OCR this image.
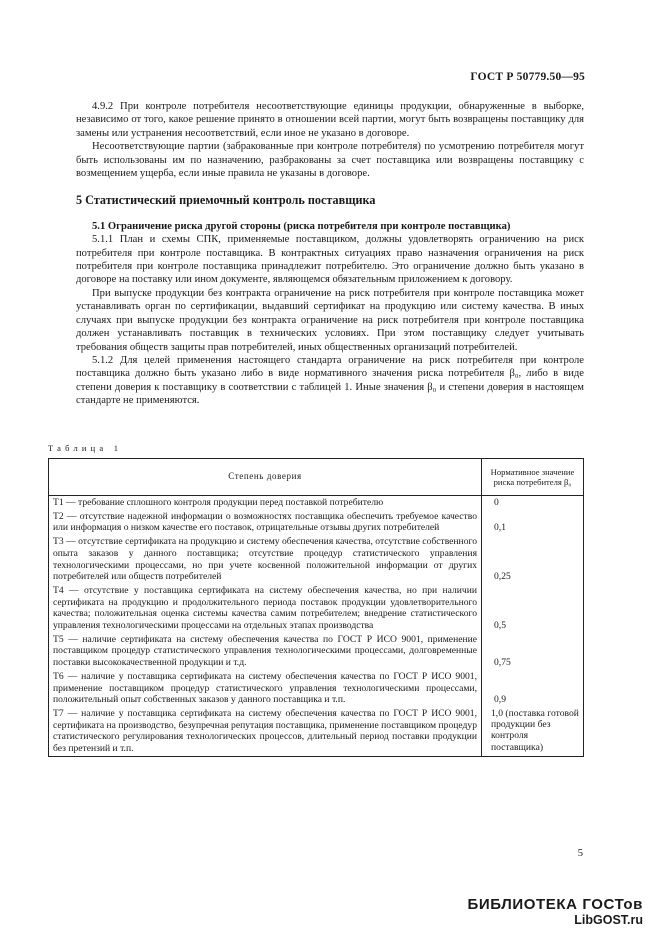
ГОСТ Р 50779.50—95

4.9.2 При контроле потребителя несоответствующие единицы продукции, обнаруженные в выборке, независимо от того, какое решение принято в отношении всей партии, могут быть возвращены поставщику для замены или устранения несоответствий, если иное не указано в договоре.

Несоответствующие партии (забракованные при контроле потребителя) по усмотрению потребителя могут быть использованы им по назначению, разбракованы за счет поставщика или возвращены поставщику с возмещением ущерба, если иные правила не указаны в договоре.

5 Статистический приемочный контроль поставщика

5.1 Ограничение риска другой стороны (риска потребителя при контроле поставщика)

5.1.1 План и схемы СПК, применяемые поставщиком, должны удовлетворять ограничению на риск потребителя при контроле поставщика. В контрактных ситуациях право назначения ограничения на риск потребителя при контроле поставщика принадлежит потребителю. Это ограничение должно быть указано в договоре на поставку или ином документе, являющемся обязательным приложением к договору.

При выпуске продукции без контракта ограничение на риск потребителя при контроле поставщика может устанавливать орган по сертификации, выдавший сертификат на продукцию или систему качества. В иных случаях при выпуске продукции без контракта ограничение на риск потребителя при контроле поставщика должен устанавливать поставщик в технических условиях. При этом поставщику следует учитывать требования обществ защиты прав потребителей, иных общественных организаций потребителей.

5.1.2 Для целей применения настоящего стандарта ограничение на риск потребителя при контроле поставщика должно быть указано либо в виде нормативного значения риска потребителя β₀, либо в виде степени доверия к поставщику в соответствии с таблицей 1. Иные значения β₀ и степени доверия в настоящем стандарте не применяются.

Таблица 1
Степень доверия	Нормативное значение риска потребителя β₀
Т1 — требование сплошного контроля продукции перед поставкой потребителю	0
Т2 — отсутствие надежной информации о возможностях поставщика обеспечить требуемое качество или информация о низком качестве его поставок, отрицательные отзывы других потребителей	0,1
Т3 — отсутствие сертификата на продукцию и систему обеспечения качества, отсутствие собственного опыта заказов у данного поставщика; отсутствие процедур статистического управления технологическими процессами, но при учете косвенной положительной информации от других потребителей или обществ потребителей	0,25
Т4 — отсутствие у поставщика сертификата на систему обеспечения качества, но при наличии сертификата на продукцию и продолжительного периода поставок продукции удовлетворительного качества; положительная оценка системы качества самим потребителем; внедрение статистического управления технологическими процессами на отдельных этапах производства	0,5
Т5 — наличие сертификата на систему обеспечения качества по ГОСТ Р ИСО 9001, применение поставщиком процедур статистического управления технологическими процессами, долговременные поставки высококачественной продукции и т.д.	0,75
Т6 — наличие у поставщика сертификата на систему обеспечения качества по ГОСТ Р ИСО 9001, применение поставщиком процедур статистического управления технологическими процессами, положительный опыт собственных заказов у данного поставщика и т.п.	0,9
Т7 — наличие у поставщика сертификата на систему обеспечения качества по ГОСТ Р ИСО 9001, сертификата на производство, безупречная репутация поставщика, применение поставщиком процедур статистического регулирования технологических процессов, длительный период поставки продукции без претензий и т.п.	1,0 (поставка готовой продукции без контроля поставщика)
5
БИБЛИОТЕКА ГОСТов
LibGOST.ru
